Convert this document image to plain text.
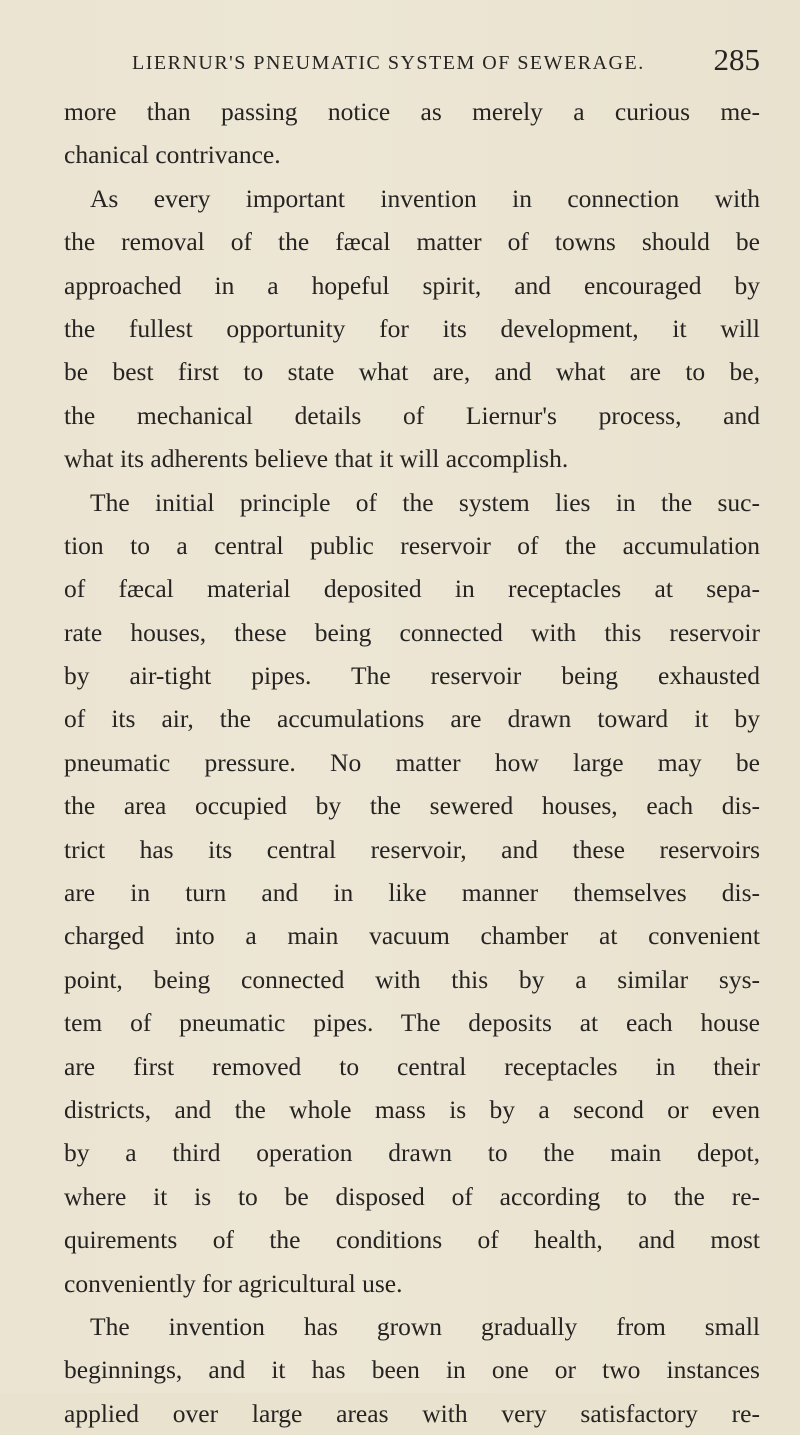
LIERNUR'S PNEUMATIC SYSTEM OF SEWERAGE. 285
more than passing notice as merely a curious me-
chanical contrivance.
As every important invention in connection with
the removal of the fæcal matter of towns should be
approached in a hopeful spirit, and encouraged by
the fullest opportunity for its development, it will
be best first to state what are, and what are to be,
the mechanical details of Liernur's process, and
what its adherents believe that it will accomplish.
The initial principle of the system lies in the suc-
tion to a central public reservoir of the accumulation
of fæcal material deposited in receptacles at sepa-
rate houses, these being connected with this reservoir
by air-tight pipes. The reservoir being exhausted
of its air, the accumulations are drawn toward it by
pneumatic pressure. No matter how large may be
the area occupied by the sewered houses, each dis-
trict has its central reservoir, and these reservoirs
are in turn and in like manner themselves dis-
charged into a main vacuum chamber at convenient
point, being connected with this by a similar sys-
tem of pneumatic pipes. The deposits at each house
are first removed to central receptacles in their
districts, and the whole mass is by a second or even
by a third operation drawn to the main depot,
where it is to be disposed of according to the re-
quirements of the conditions of health, and most
conveniently for agricultural use.
The invention has grown gradually from small
beginnings, and it has been in one or two instances
applied over large areas with very satisfactory re-
